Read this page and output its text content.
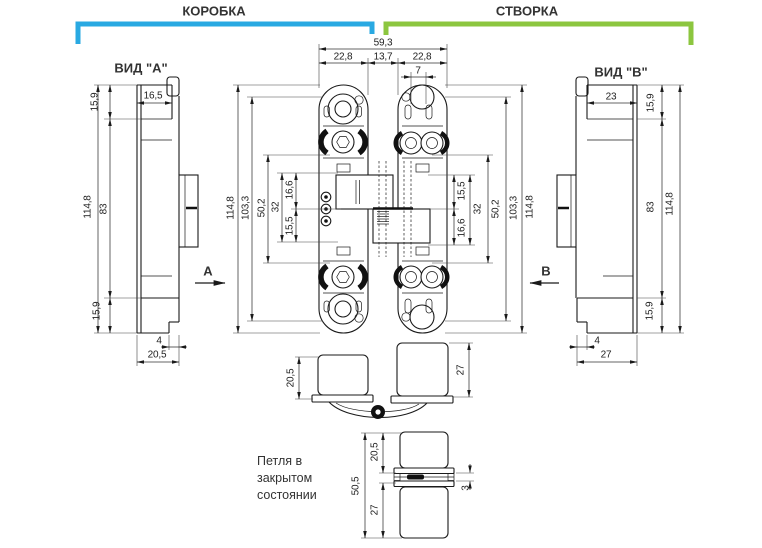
КОРОБКА	СТВОРКА
ВИД "А"	ВИД "В"
А	В
15,9	16,5
114,8 83
15,9
4
20,5
59,3
22,8 13,7 22,8
7
114,8 103,3 50,2 32
16,6
15,5
15,5
32
16,6
50,2 103,3 114,8
23	15,9
83 114,8
15,9
4
27
20,5	27
Петля в
закрытом
состоянии
20,5
50,5
27
3
